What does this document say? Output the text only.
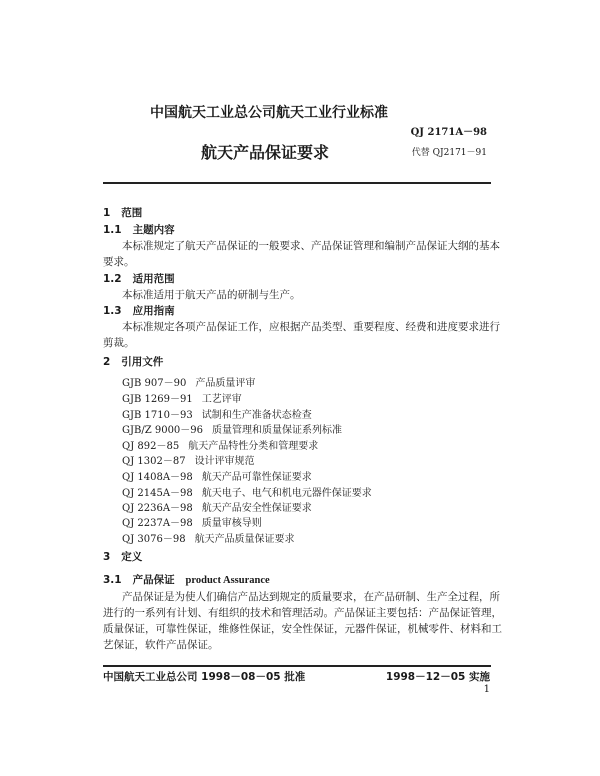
中国航天工业总公司航天工业行业标准
QJ 2171A－98
航天产品保证要求	代替 QJ2171－91
1 范围
1.1 主题内容
本标准规定了航天产品保证的一般要求、产品保证管理和编制产品保证大纲的基本
要求。
1.2 适用范围
本标准适用于航天产品的研制与生产。
1.3 应用指南
本标准规定各项产品保证工作，应根据产品类型、重要程度、经费和进度要求进行
剪裁。
2 引用文件
GJB 907－90 产品质量评审
GJB 1269－91 工艺评审
GJB 1710－93 试制和生产准备状态检查
GJB/Z 9000－96 质量管理和质量保证系列标准
QJ 892－85 航天产品特性分类和管理要求
QJ 1302－87 设计评审规范
QJ 1408A－98 航天产品可靠性保证要求
QJ 2145A－98 航天电子、电气和机电元器件保证要求
QJ 2236A－98 航天产品安全性保证要求
QJ 2237A－98 质量审核导则
QJ 3076－98 航天产品质量保证要求
3 定义
3.1 产品保证 product Assurance
产品保证是为使人们确信产品达到规定的质量要求，在产品研制、生产全过程，所
进行的一系列有计划、有组织的技术和管理活动。产品保证主要包括：产品保证管理，
质量保证，可靠性保证，维修性保证，安全性保证，元器件保证，机械零件、材料和工
艺保证，软件产品保证。
中国航天工业总公司 1998－08－05 批准	1998－12－05 实施
1
